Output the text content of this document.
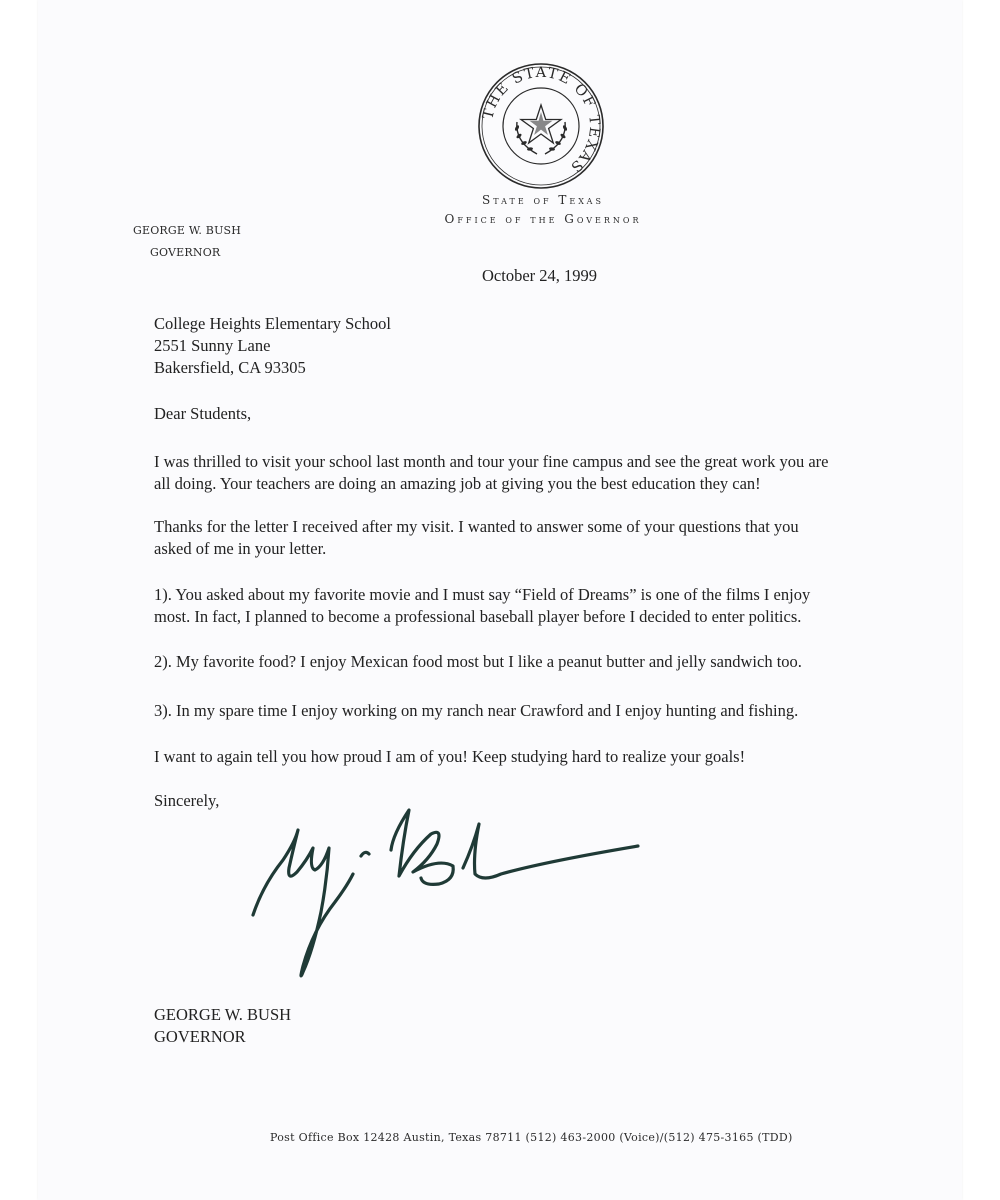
THE STATE OF TEXAS
State of Texas
Office of the Governor
GEORGE W. BUSH
GOVERNOR
October 24, 1999
College Heights Elementary School
2551 Sunny Lane
Bakersfield, CA 93305
Dear Students,
I was thrilled to visit your school last month and tour your fine campus and see the great work you are
all doing. Your teachers are doing an amazing job at giving you the best education they can!
Thanks for the letter I received after my visit. I wanted to answer some of your questions that you
asked of me in your letter.
1). You asked about my favorite movie and I must say “Field of Dreams” is one of the films I enjoy
most. In fact, I planned to become a professional baseball player before I decided to enter politics.
2). My favorite food? I enjoy Mexican food most but I like a peanut butter and jelly sandwich too.
3). In my spare time I enjoy working on my ranch near Crawford and I enjoy hunting and fishing.
I want to again tell you how proud I am of you! Keep studying hard to realize your goals!
Sincerely,
GEORGE W. BUSH
GOVERNOR
Post Office Box 12428 Austin, Texas 78711 (512) 463-2000 (Voice)/(512) 475-3165 (TDD)
